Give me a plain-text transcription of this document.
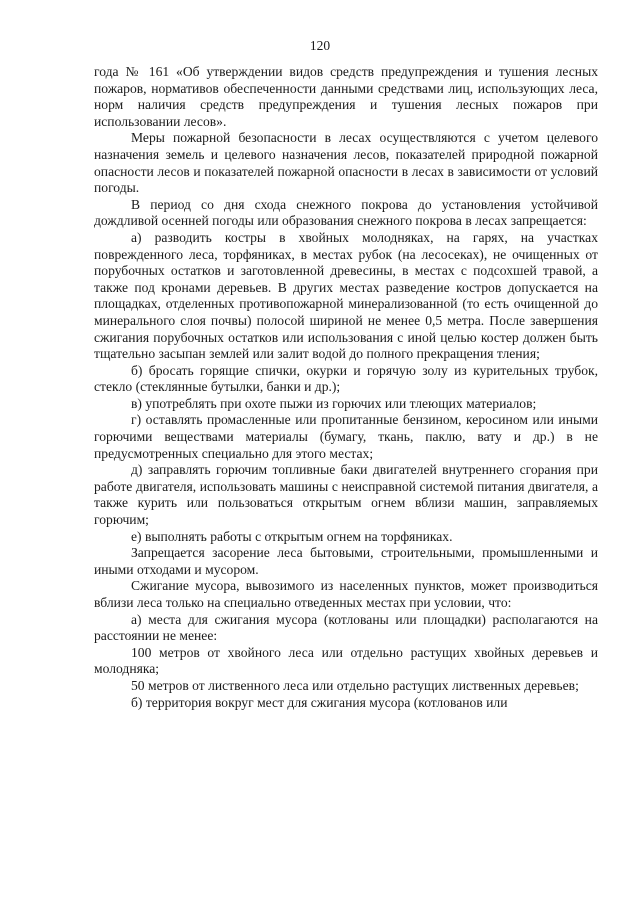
120

года № 161 «Об утверждении видов средств предупреждения и тушения лесных пожаров, нормативов обеспеченности данными средствами лиц, использующих леса, норм наличия средств предупреждения и тушения лесных пожаров при использовании лесов».

Меры пожарной безопасности в лесах осуществляются с учетом целевого назначения земель и целевого назначения лесов, показателей природной пожарной опасности лесов и показателей пожарной опасности в лесах в зависимости от условий погоды.

В период со дня схода снежного покрова до установления устойчивой дождливой осенней погоды или образования снежного покрова в лесах запрещается:

а) разводить костры в хвойных молодняках, на гарях, на участках поврежденного леса, торфяниках, в местах рубок (на лесосеках), не очищенных от порубочных остатков и заготовленной древесины, в местах с подсохшей травой, а также под кронами деревьев. В других местах разведение костров допускается на площадках, отделенных противопожарной минерализованной (то есть очищенной до минерального слоя почвы) полосой шириной не менее 0,5 метра. После завершения сжигания порубочных остатков или использования с иной целью костер должен быть тщательно засыпан землей или залит водой до полного прекращения тления;

б) бросать горящие спички, окурки и горячую золу из курительных трубок, стекло (стеклянные бутылки, банки и др.);

в) употреблять при охоте пыжи из горючих или тлеющих материалов;

г) оставлять промасленные или пропитанные бензином, керосином или иными горючими веществами материалы (бумагу, ткань, паклю, вату и др.) в не предусмотренных специально для этого местах;

д) заправлять горючим топливные баки двигателей внутреннего сгорания при работе двигателя, использовать машины с неисправной системой питания двигателя, а также курить или пользоваться открытым огнем вблизи машин, заправляемых горючим;

е) выполнять работы с открытым огнем на торфяниках.

Запрещается засорение леса бытовыми, строительными, промышленными и иными отходами и мусором.

Сжигание мусора, вывозимого из населенных пунктов, может производиться вблизи леса только на специально отведенных местах при условии, что:

а) места для сжигания мусора (котлованы или площадки) располагаются на расстоянии не менее:

100 метров от хвойного леса или отдельно растущих хвойных деревьев и молодняка;

50 метров от лиственного леса или отдельно растущих лиственных деревьев;

б) территория вокруг мест для сжигания мусора (котлованов или
